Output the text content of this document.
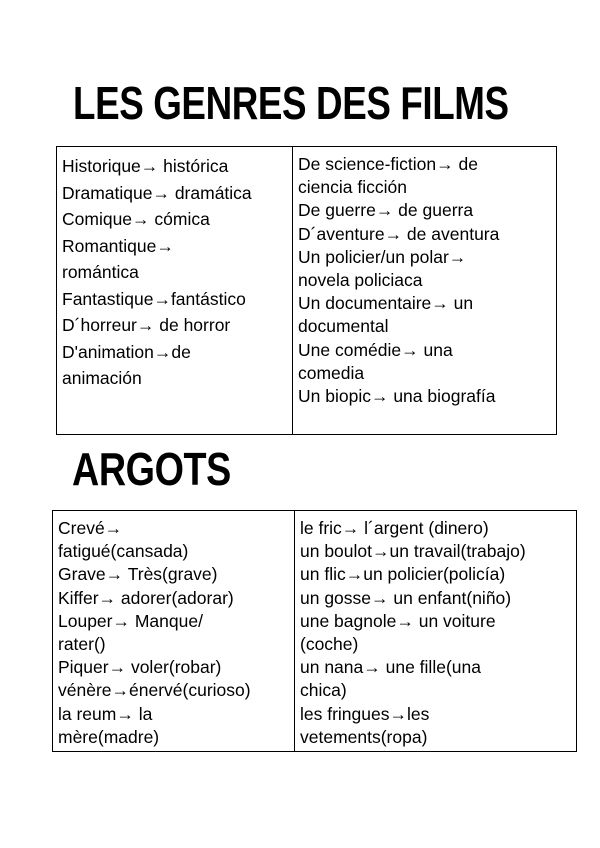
LES GENRES DES FILMS
Historique→ histórica
Dramatique→ dramática
Comique→ cómica
Romantique→
romántica
Fantastique→fantástico
D´horreur→ de horror
D'animation→de
animación

De science-fiction→ de
ciencia ficción
De guerre→ de guerra
D´aventure→ de aventura
Un policier/un polar→
novela policiaca
Un documentaire→ un
documental
Une comédie→ una
comedia
Un biopic→ una biografía
ARGOTS
Crevé→
fatigué(cansada)
Grave→ Très(grave)
Kiffer→ adorer(adorar)
Louper→ Manque/
rater()
Piquer→ voler(robar)
vénère→énervé(curioso)
la reum→ la
mère(madre)

le fric→ l´argent (dinero)
un boulot→un travail(trabajo)
un flic→un policier(policía)
un gosse→ un enfant(niño)
une bagnole→ un voiture
(coche)
un nana→ une fille(una
chica)
les fringues→les
vetements(ropa)
